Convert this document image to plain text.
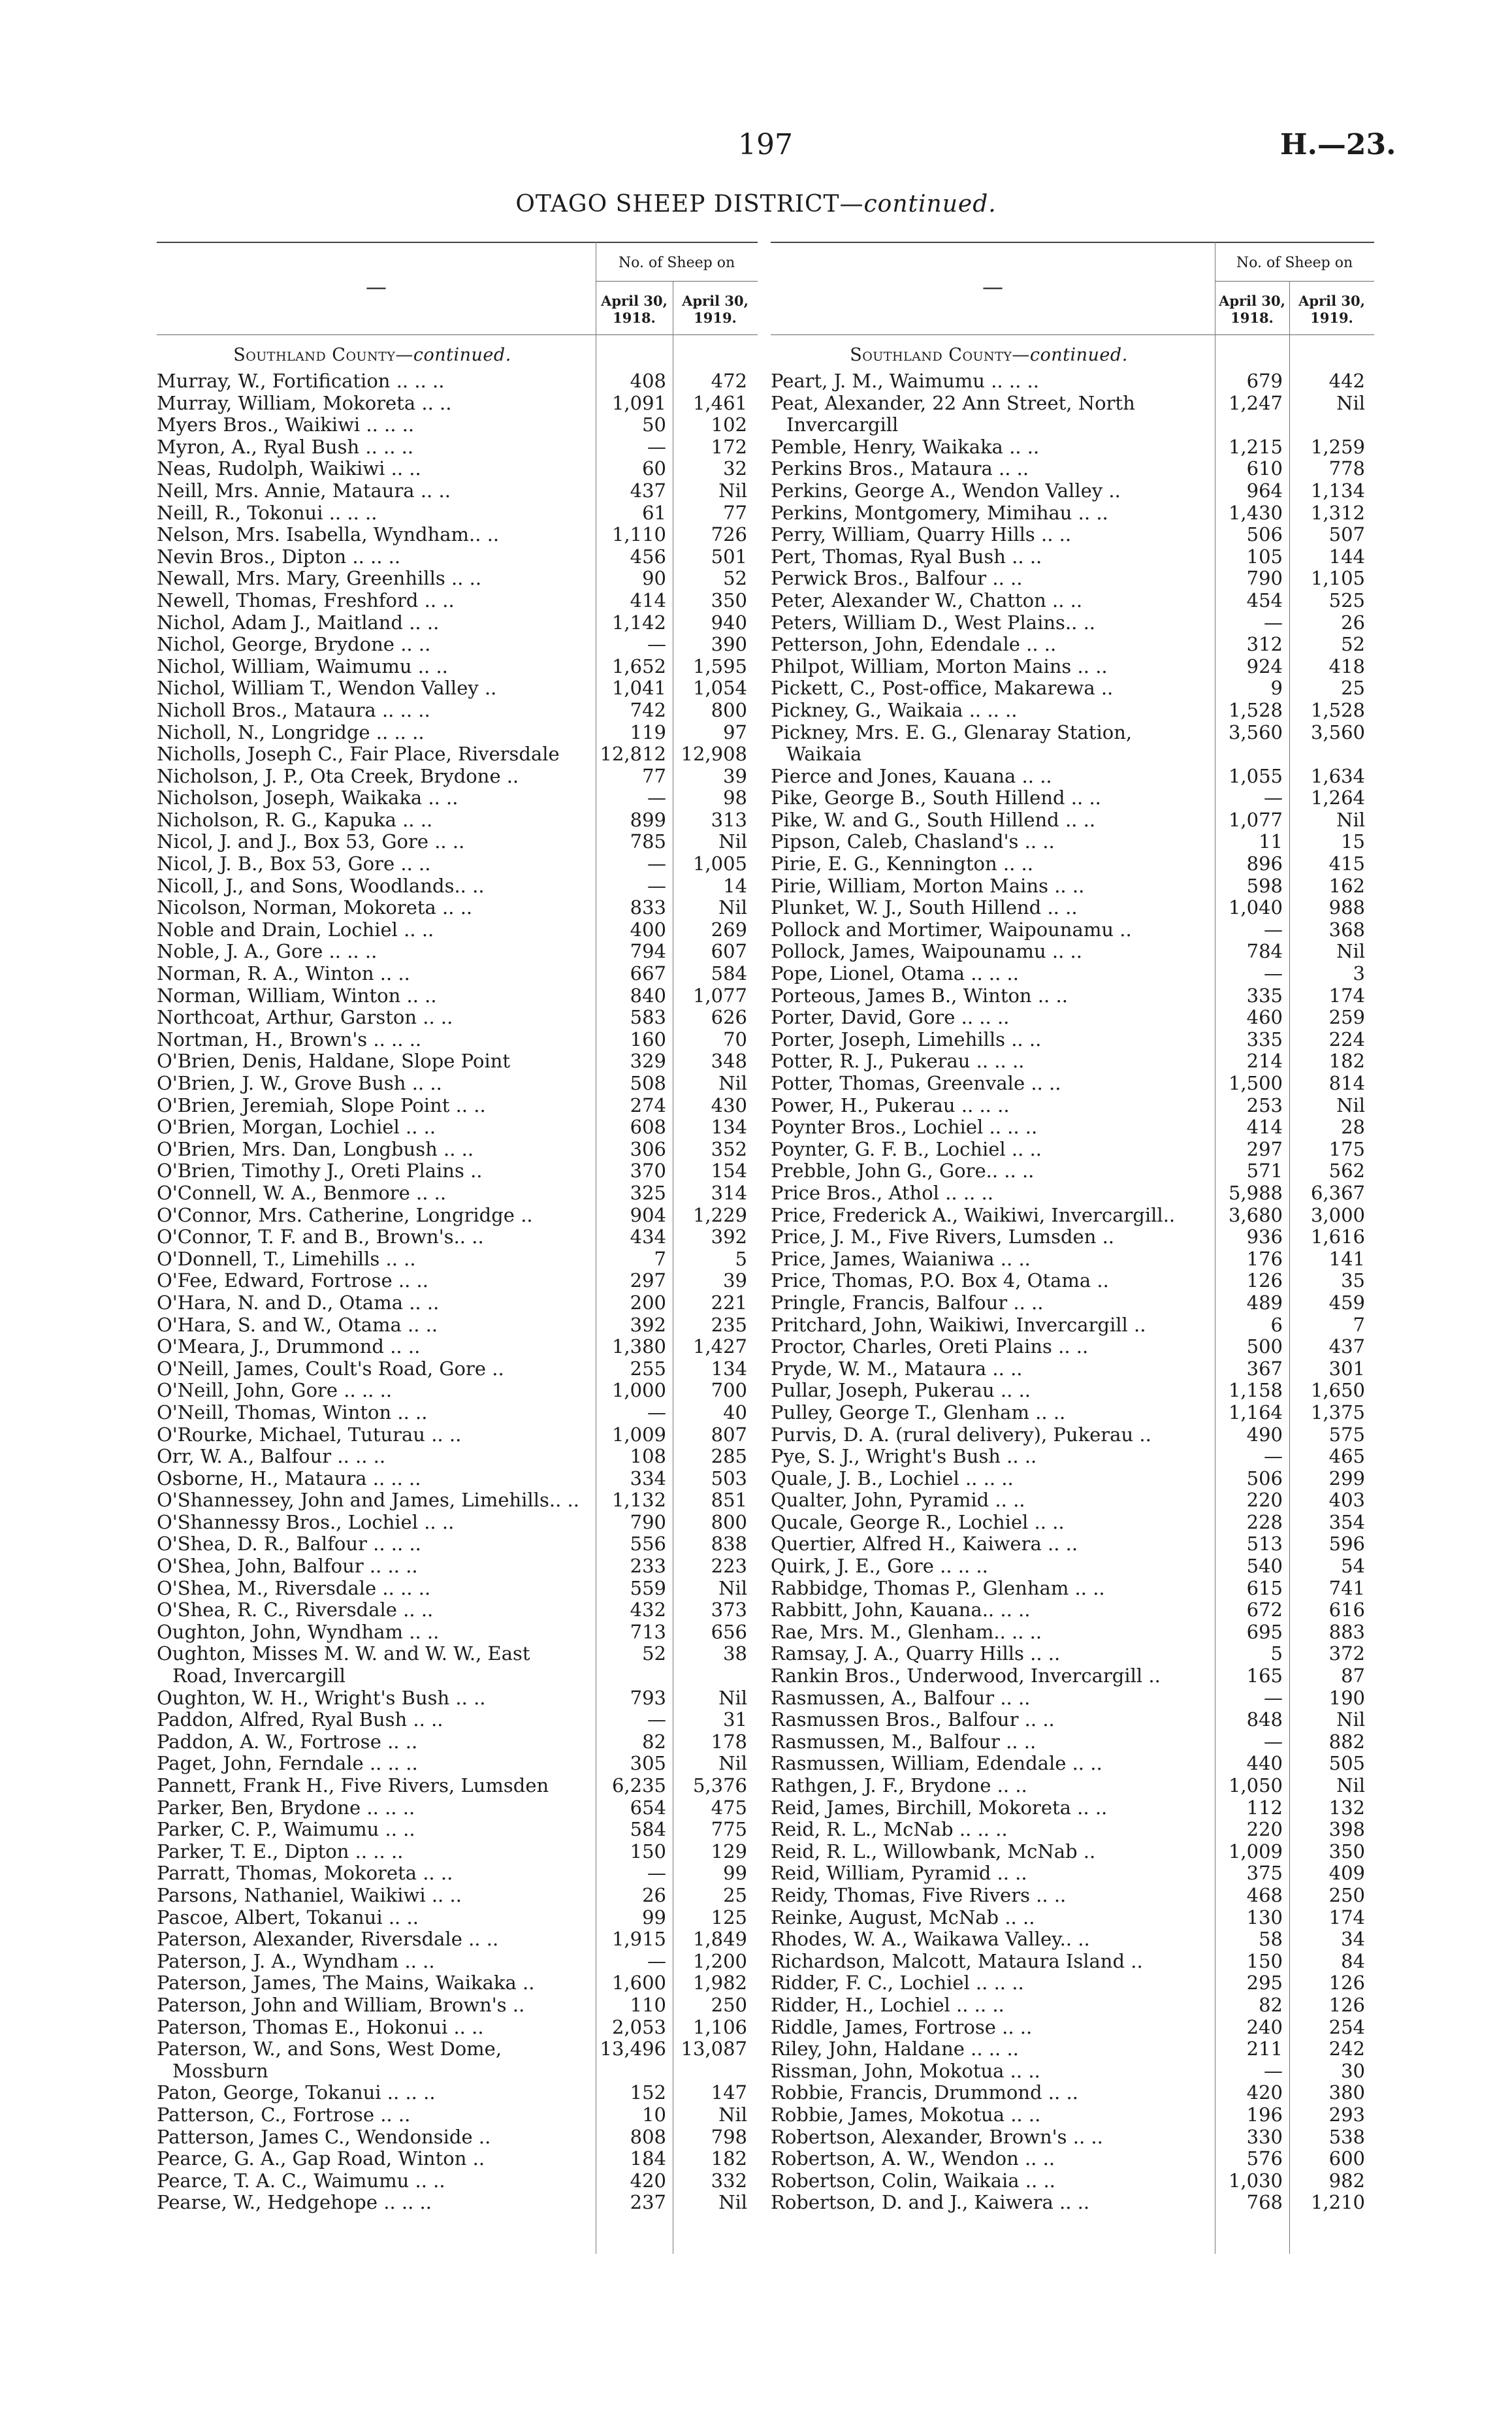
197	H.—23.
OTAGO SHEEP DISTRICT—continued.
—
No. of Sheep on
April 30,
1918.
April 30,
1919.
Southland County—continued.
Murray, W., Fortification .. .. ..	408 472
Murray, William, Mokoreta .. ..	1,091 1,461
Myers Bros., Waikiwi .. .. ..	50 102
Myron, A., Ryal Bush .. .. ..	— 172
Neas, Rudolph, Waikiwi .. ..	60	32
Neill, Mrs. Annie, Mataura .. ..	437	Nil
Neill, R., Tokonui .. .. ..	61	77
Nelson, Mrs. Isabella, Wyndham.. ..	1,110 726
Nevin Bros., Dipton .. .. ..	456 501
Newall, Mrs. Mary, Greenhills .. ..	90	52
Newell, Thomas, Freshford .. ..	414 350
Nichol, Adam J., Maitland .. ..	1,142 940
Nichol, George, Brydone .. ..	— 390
Nichol, William, Waimumu .. ..	1,652 1,595
Nichol, William T., Wendon Valley ..	1,041 1,054
Nicholl Bros., Mataura .. .. ..	742 800
Nicholl, N., Longridge .. .. ..	119	97
Nicholls, Joseph C., Fair Place, Riversdale	12,812 12,908
Nicholson, J. P., Ota Creek, Brydone ..	77	39
Nicholson, Joseph, Waikaka .. ..	—	98
Nicholson, R. G., Kapuka .. ..	899 313
Nicol, J. and J., Box 53, Gore .. ..	785	Nil
Nicol, J. B., Box 53, Gore .. ..	— 1,005
Nicoll, J., and Sons, Woodlands.. ..	—	14
Nicolson, Norman, Mokoreta .. ..	833	Nil
Noble and Drain, Lochiel .. ..	400 269
Noble, J. A., Gore .. .. ..	794 607
Norman, R. A., Winton .. ..	667 584
Norman, William, Winton .. ..	840 1,077
Northcoat, Arthur, Garston .. ..	583 626
Nortman, H., Brown's .. .. ..	160	70
O'Brien, Denis, Haldane, Slope Point	329 348
O'Brien, J. W., Grove Bush .. ..	508	Nil
O'Brien, Jeremiah, Slope Point .. ..	274 430
O'Brien, Morgan, Lochiel .. ..	608 134
O'Brien, Mrs. Dan, Longbush .. ..	306 352
O'Brien, Timothy J., Oreti Plains ..	370 154
O'Connell, W. A., Benmore .. ..	325 314
O'Connor, Mrs. Catherine, Longridge ..	904 1,229
O'Connor, T. F. and B., Brown's.. ..	434 392
O'Donnell, T., Limehills .. ..	7	5
O'Fee, Edward, Fortrose .. ..	297	39
O'Hara, N. and D., Otama .. ..	200 221
O'Hara, S. and W., Otama .. ..	392 235
O'Meara, J., Drummond .. ..	1,380 1,427
O'Neill, James, Coult's Road, Gore ..	255 134
O'Neill, John, Gore .. .. ..	1,000 700
O'Neill, Thomas, Winton .. ..	—	40
O'Rourke, Michael, Tuturau .. ..	1,009 807
Orr, W. A., Balfour .. .. ..	108 285
Osborne, H., Mataura .. .. ..	334 503
O'Shannessey, John and James, Limehills.. ..	1,132 851
O'Shannessy Bros., Lochiel .. ..	790 800
O'Shea, D. R., Balfour .. .. ..	556 838
O'Shea, John, Balfour .. .. ..	233 223
O'Shea, M., Riversdale .. .. ..	559	Nil
O'Shea, R. C., Riversdale .. ..	432 373
Oughton, John, Wyndham .. ..	713 656
Oughton, Misses M. W. and W. W., East Road, Invercargill
52	38
Oughton, W. H., Wright's Bush .. ..	793	Nil
Paddon, Alfred, Ryal Bush .. ..	—	31
Paddon, A. W., Fortrose .. ..	82 178
Paget, John, Ferndale .. .. ..	305	Nil
Pannett, Frank H., Five Rivers, Lumsden	6,235 5,376
Parker, Ben, Brydone .. .. ..	654 475
Parker, C. P., Waimumu .. ..	584 775
Parker, T. E., Dipton .. .. ..	150 129
Parratt, Thomas, Mokoreta .. ..	—	99
Parsons, Nathaniel, Waikiwi .. ..	26	25
Pascoe, Albert, Tokanui .. ..	99 125
Paterson, Alexander, Riversdale .. ..	1,915 1,849
Paterson, J. A., Wyndham .. ..	— 1,200
Paterson, James, The Mains, Waikaka ..	1,600 1,982
Paterson, John and William, Brown's ..	110 250
Paterson, Thomas E., Hokonui .. ..	2,053 1,106
Paterson, W., and Sons, West Dome, Mossburn
13,496 13,087
Paton, George, Tokanui .. .. ..	152 147
Patterson, C., Fortrose .. ..	10	Nil
Patterson, James C., Wendonside ..	808 798
Pearce, G. A., Gap Road, Winton ..	184 182
Pearce, T. A. C., Waimumu .. ..	420 332
Pearse, W., Hedgehope .. .. ..	237	Nil
—
No. of Sheep on
April 30,
1918.
April 30,
1919.
Southland County—continued.
Peart, J. M., Waimumu .. .. ..	679 442
Peat, Alexander, 22 Ann Street, North Invercargill
1,247	Nil
Pemble, Henry, Waikaka .. ..	1,215 1,259
Perkins Bros., Mataura .. ..	610 778
Perkins, George A., Wendon Valley ..	964 1,134
Perkins, Montgomery, Mimihau .. ..	1,430 1,312
Perry, William, Quarry Hills .. ..	506 507
Pert, Thomas, Ryal Bush .. ..	105 144
Perwick Bros., Balfour .. ..	790 1,105
Peter, Alexander W., Chatton .. ..	454 525
Peters, William D., West Plains.. ..	—	26
Petterson, John, Edendale .. ..	312	52
Philpot, William, Morton Mains .. ..	924 418
Pickett, C., Post-office, Makarewa ..	9	25
Pickney, G., Waikaia .. .. ..	1,528 1,528
Pickney, Mrs. E. G., Glenaray Station, Waikaia
3,560 3,560
Pierce and Jones, Kauana .. ..	1,055 1,634
Pike, George B., South Hillend .. ..	— 1,264
Pike, W. and G., South Hillend .. ..	1,077	Nil
Pipson, Caleb, Chasland's .. ..	11	15
Pirie, E. G., Kennington .. ..	896 415
Pirie, William, Morton Mains .. ..	598 162
Plunket, W. J., South Hillend .. ..	1,040 988
Pollock and Mortimer, Waipounamu ..	— 368
Pollock, James, Waipounamu .. ..	784	Nil
Pope, Lionel, Otama .. .. ..	—	3
Porteous, James B., Winton .. ..	335 174
Porter, David, Gore .. .. ..	460 259
Porter, Joseph, Limehills .. ..	335 224
Potter, R. J., Pukerau .. .. ..	214 182
Potter, Thomas, Greenvale .. ..	1,500 814
Power, H., Pukerau .. .. ..	253	Nil
Poynter Bros., Lochiel .. .. ..	414	28
Poynter, G. F. B., Lochiel .. ..	297 175
Prebble, John G., Gore.. .. ..	571 562
Price Bros., Athol .. .. ..	5,988 6,367
Price, Frederick A., Waikiwi, Invercargill..	3,680 3,000
Price, J. M., Five Rivers, Lumsden ..	936 1,616
Price, James, Waianiwa .. ..	176 141
Price, Thomas, P.O. Box 4, Otama ..	126	35
Pringle, Francis, Balfour .. ..	489 459
Pritchard, John, Waikiwi, Invercargill ..	6	7
Proctor, Charles, Oreti Plains .. ..	500 437
Pryde, W. M., Mataura .. ..	367 301
Pullar, Joseph, Pukerau .. ..	1,158 1,650
Pulley, George T., Glenham .. ..	1,164 1,375
Purvis, D. A. (rural delivery), Pukerau ..	490 575
Pye, S. J., Wright's Bush .. ..	— 465
Quale, J. B., Lochiel .. .. ..	506 299
Qualter, John, Pyramid .. ..	220 403
Qucale, George R., Lochiel .. ..	228 354
Quertier, Alfred H., Kaiwera .. ..	513 596
Quirk, J. E., Gore .. .. ..	540	54
Rabbidge, Thomas P., Glenham .. ..	615 741
Rabbitt, John, Kauana.. .. ..	672 616
Rae, Mrs. M., Glenham.. .. ..	695 883
Ramsay, J. A., Quarry Hills .. ..	5 372
Rankin Bros., Underwood, Invercargill ..	165	87
Rasmussen, A., Balfour .. ..	— 190
Rasmussen Bros., Balfour .. ..	848	Nil
Rasmussen, M., Balfour .. ..	— 882
Rasmussen, William, Edendale .. ..	440 505
Rathgen, J. F., Brydone .. ..	1,050	Nil
Reid, James, Birchill, Mokoreta .. ..	112 132
Reid, R. L., McNab .. .. ..	220 398
Reid, R. L., Willowbank, McNab ..	1,009 350
Reid, William, Pyramid .. ..	375 409
Reidy, Thomas, Five Rivers .. ..	468 250
Reinke, August, McNab .. ..	130 174
Rhodes, W. A., Waikawa Valley.. ..	58	34
Richardson, Malcott, Mataura Island ..	150	84
Ridder, F. C., Lochiel .. .. ..	295 126
Ridder, H., Lochiel .. .. ..	82 126
Riddle, James, Fortrose .. ..	240 254
Riley, John, Haldane .. .. ..	211 242
Rissman, John, Mokotua .. ..	—	30
Robbie, Francis, Drummond .. ..	420 380
Robbie, James, Mokotua .. ..	196 293
Robertson, Alexander, Brown's .. ..	330 538
Robertson, A. W., Wendon .. ..	576 600
Robertson, Colin, Waikaia .. ..	1,030 982
Robertson, D. and J., Kaiwera .. ..	768 1,210
